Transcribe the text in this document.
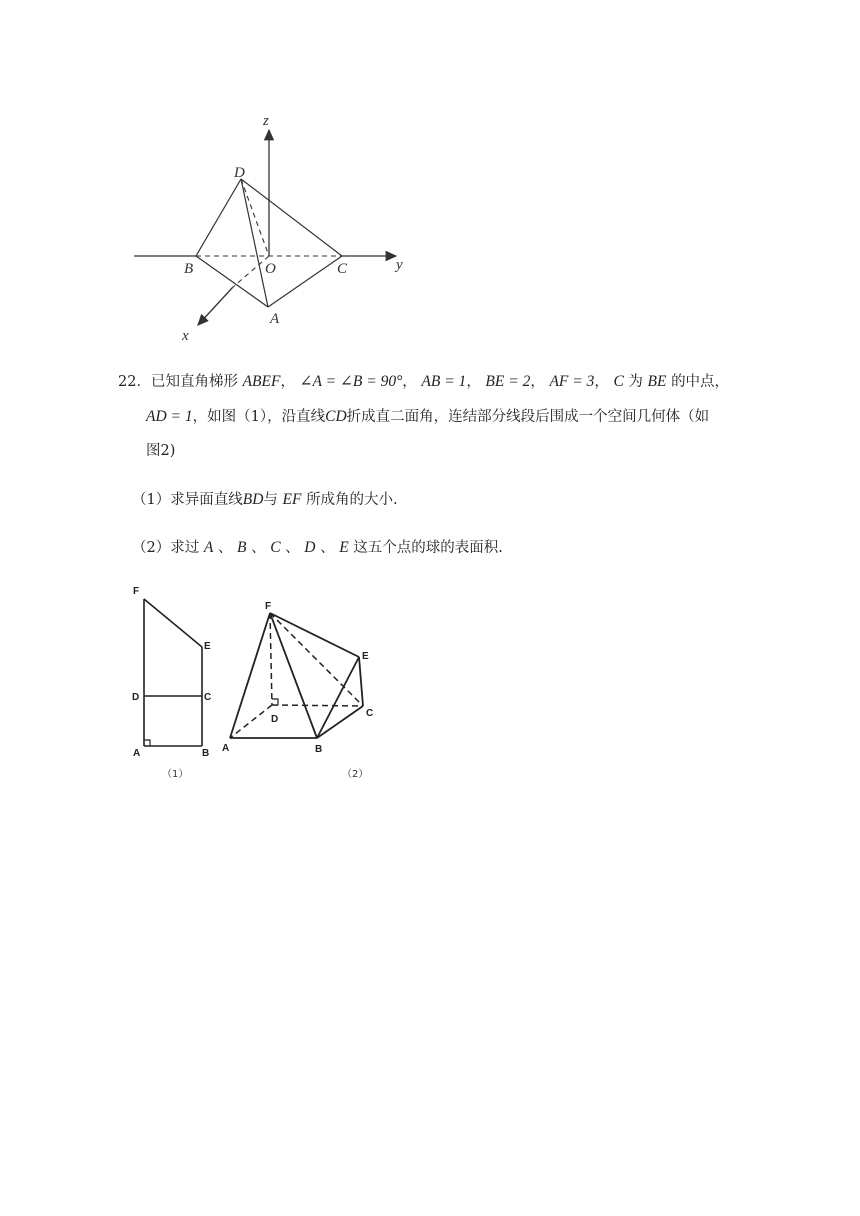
z
y
x
D
B	O	C
A
22．已知直角梯形 ABEF， ∠A = ∠B = 90°， AB = 1， BE = 2， AF = 3， C 为 BE 的中点，
AD = 1，如图（1），沿直线CD折成直二面角，连结部分线段后围成一个空间几何体（如
图2)
（1）求异面直线BD与 EF 所成角的大小.
（2）求过 A 、 B 、 C 、 D 、 E 这五个点的球的表面积.
F
E
D	C
A	B
（1）
F
E
D
C
A	B
（2）
